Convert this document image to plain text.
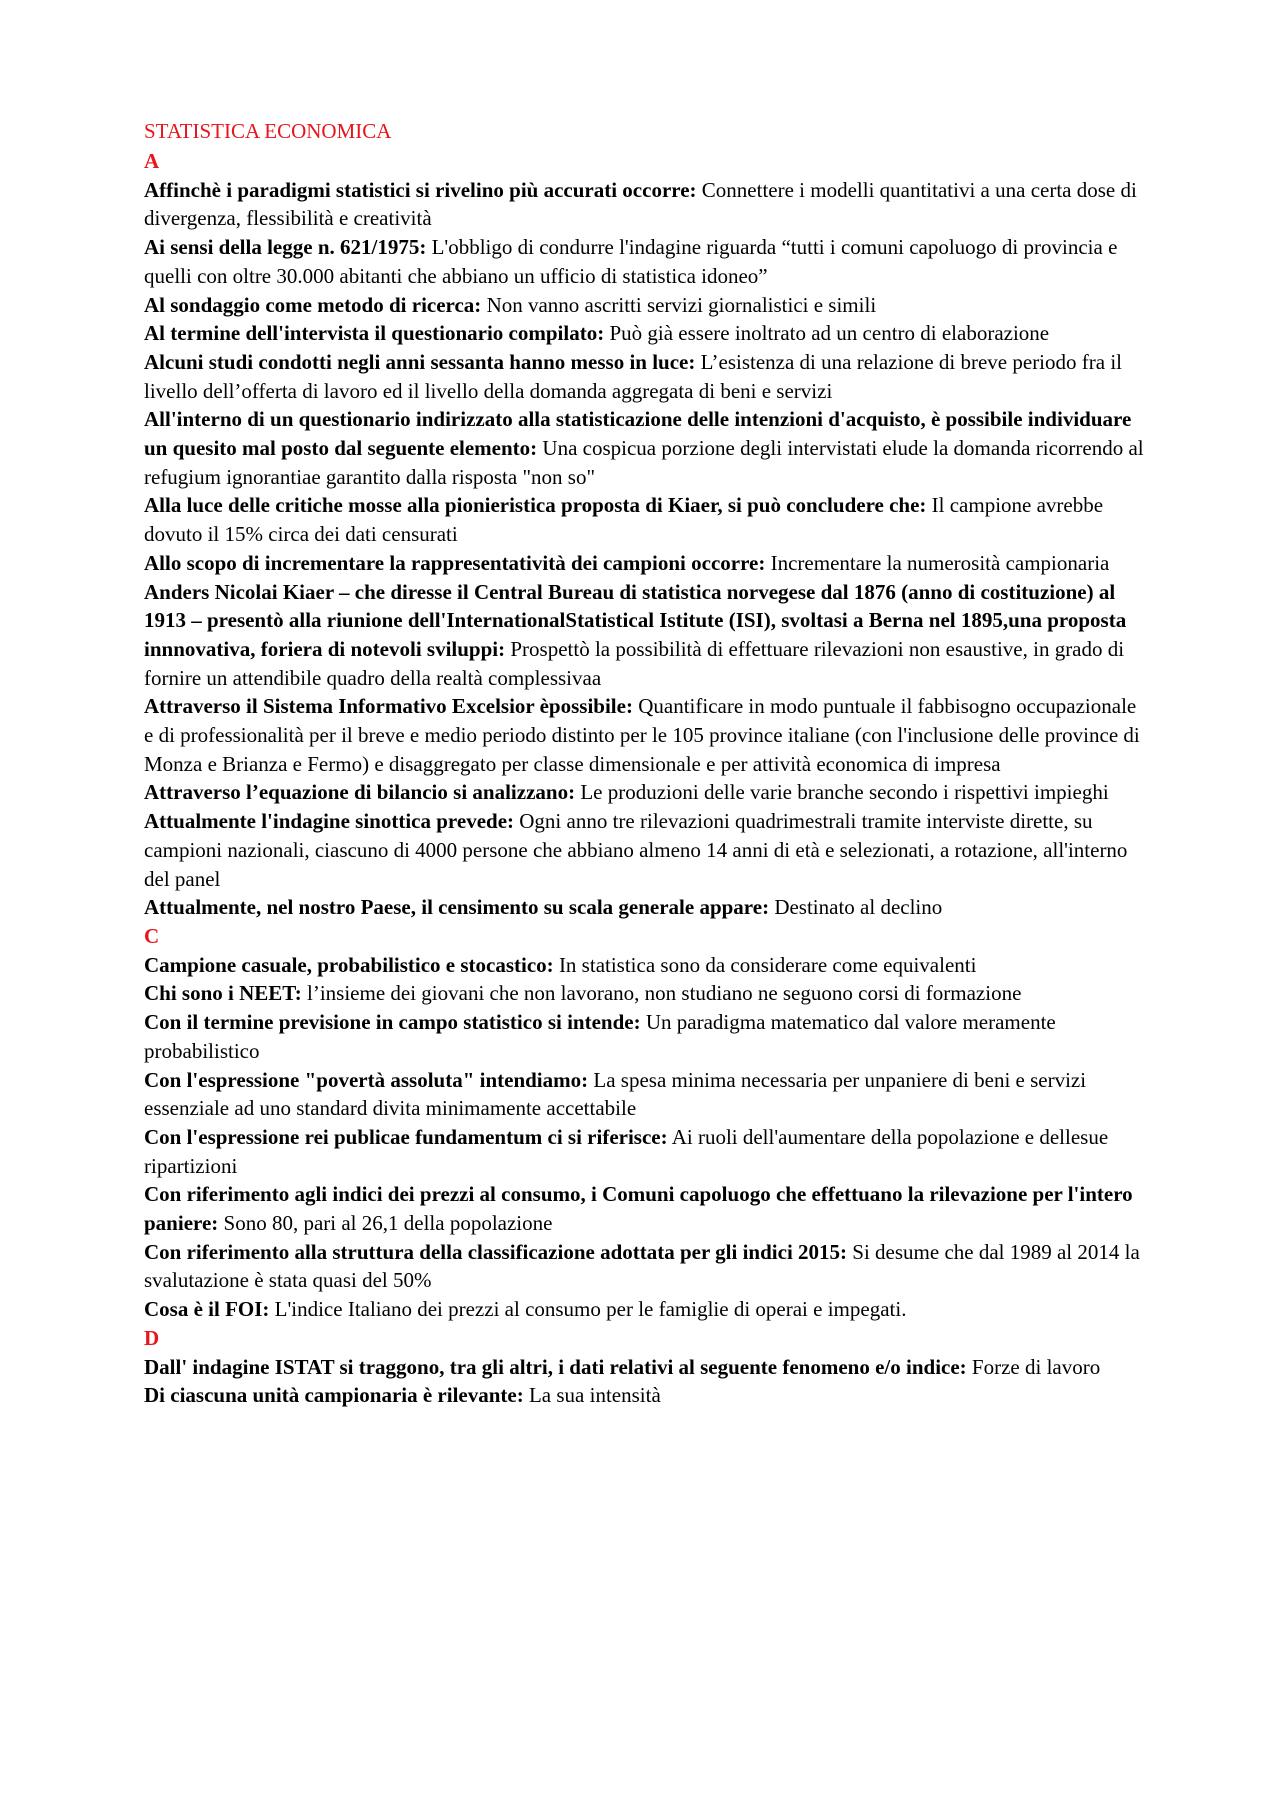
STATISTICA ECONOMICA

A

Affinchè i paradigmi statistici si rivelino più accurati occorre: Connettere i modelli quantitativi a una certa dose di divergenza, flessibilità e creatività

Ai sensi della legge n. 621/1975: L'obbligo di condurre l'indagine riguarda “tutti i comuni capoluogo di provincia e quelli con oltre 30.000 abitanti che abbiano un ufficio di statistica idoneo”

Al sondaggio come metodo di ricerca: Non vanno ascritti servizi giornalistici e simili

Al termine dell'intervista il questionario compilato: Può già essere inoltrato ad un centro di elaborazione

Alcuni studi condotti negli anni sessanta hanno messo in luce: L’esistenza di una relazione di breve periodo fra il livello dell’offerta di lavoro ed il livello della domanda aggregata di beni e servizi

All'interno di un questionario indirizzato alla statisticazione delle intenzioni d'acquisto, è possibile individuare un quesito mal posto dal seguente elemento: Una cospicua porzione degli intervistati elude la domanda ricorrendo al refugium ignorantiae garantito dalla risposta "non so"

Alla luce delle critiche mosse alla pionieristica proposta di Kiaer, si può concludere che: Il campione avrebbe dovuto il 15% circa dei dati censurati

Allo scopo di incrementare la rappresentatività dei campioni occorre: Incrementare la numerosità campionaria

Anders Nicolai Kiaer – che diresse il Central Bureau di statistica norvegese dal 1876 (anno di costituzione) al 1913 – presentò alla riunione dell'InternationalStatistical Istitute (ISI), svoltasi a Berna nel 1895,una proposta innnovativa, foriera di notevoli sviluppi: Prospettò la possibilità di effettuare rilevazioni non esaustive, in grado di fornire un attendibile quadro della realtà complessivaa

Attraverso il Sistema Informativo Excelsior èpossibile: Quantificare in modo puntuale il fabbisogno occupazionale e di professionalità per il breve e medio periodo distinto per le 105 province italiane (con l'inclusione delle province di Monza e Brianza e Fermo) e disaggregato per classe dimensionale e per attività economica di impresa

Attraverso l’equazione di bilancio si analizzano: Le produzioni delle varie branche secondo i rispettivi impieghi

Attualmente l'indagine sinottica prevede: Ogni anno tre rilevazioni quadrimestrali tramite interviste dirette, su campioni nazionali, ciascuno di 4000 persone che abbiano almeno 14 anni di età e selezionati, a rotazione, all'interno del panel

Attualmente, nel nostro Paese, il censimento su scala generale appare: Destinato al declino

C

Campione casuale, probabilistico e stocastico: In statistica sono da considerare come equivalenti

Chi sono i NEET: l’insieme dei giovani che non lavorano, non studiano ne seguono corsi di formazione

Con il termine previsione in campo statistico si intende: Un paradigma matematico dal valore meramente probabilistico

Con l'espressione "povertà assoluta" intendiamo: La spesa minima necessaria per unpaniere di beni e servizi essenziale ad uno standard divita minimamente accettabile

Con l'espressione rei publicae fundamentum ci si riferisce: Ai ruoli dell'aumentare della popolazione e dellesue ripartizioni

Con riferimento agli indici dei prezzi al consumo, i Comuni capoluogo che effettuano la rilevazione per l'intero paniere: Sono 80, pari al 26,1 della popolazione

Con riferimento alla struttura della classificazione adottata per gli indici 2015: Si desume che dal 1989 al 2014 la svalutazione è stata quasi del 50%

Cosa è il FOI: L'indice Italiano dei prezzi al consumo per le famiglie di operai e impegati.

D

Dall' indagine ISTAT si traggono, tra gli altri, i dati relativi al seguente fenomeno e/o indice: Forze di lavoro

Di ciascuna unità campionaria è rilevante: La sua intensità
